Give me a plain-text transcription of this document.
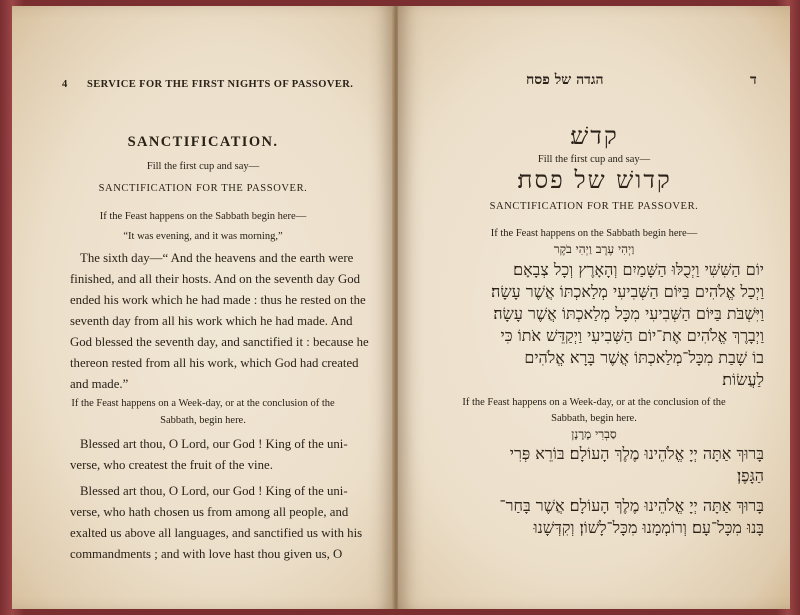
4 SERVICE FOR THE FIRST NIGHTS OF PASSOVER.
SANCTIFICATION.
Fill the first cup and say—
SANCTIFICATION FOR THE PASSOVER.
If the Feast happens on the Sabbath begin here—
“It was evening, and it was morning,”
The sixth day—“ And the heavens and the earth were
finished, and all their hosts. And on the seventh day God
ended his work which he had made : thus he rested on the
seventh day from all his work which he had made. And
God blessed the seventh day, and sanctified it : because he
thereon rested from all his work, which God had created
and made.”
If the Feast happens on a Week-day, or at the conclusion of the
Sabbath, begin here.
Blessed art thou, O Lord, our God ! King of the uni-
verse, who createst the fruit of the vine.
Blessed art thou, O Lord, our God ! King of the uni-
verse, who hath chosen us from among all people, and
exalted us above all languages, and sanctified us with his
commandments ; and with love hast thou given us, O
הגדה של פסח	ד
קדשׁ׃
Fill the first cup and say—
קדושׁ של פסח׃
SANCTIFICATION FOR THE PASSOVER.
If the Feast happens on the Sabbath begin here—
וַיְהִי עֶרֶב וַיְהִי בֹקֶר
יוֹם הַשִּׁשִּׁי וַיְכֻלּוּ הַשָּׁמַיִם וְהָאָרֶץ וְכָל צְבָאָם׃
וַיְכַל אֱלֹהִים בַּיּוֹם הַשְּׁבִיעִי מְלַאכְתּוֹ אֲשֶׁר עָשָׂה׃
וַיִּשְׁבֹּת בַּיּוֹם הַשְּׁבִיעִי מִכָּל מְלַאכְתּוֹ אֲשֶׁר עָשָׂה׃
וַיְבָרֶךְ אֱלֹהִים אֶת־יוֹם הַשְּׁבִיעִי וַיְקַדֵּשׁ אֹתוֹ כִּי
בוֹ שָׁבַת מִכָּל־מְלַאכְתּוֹ אֲשֶׁר בָּרָא אֱלֹהִים
לַעֲשׂוֹת׃
If the Feast happens on a Week-day, or at the conclusion of the
Sabbath, begin here.
סַבְרִי מָרָנָן
בָּרוּךְ אַתָּה יְיָ אֱלֹהֵינוּ מֶלֶךְ הָעוֹלָם׃ בּוֹרֵא פְּרִי
הַגָּפֶן׃
בָּרוּךְ אַתָּה יְיָ אֱלֹהֵינוּ מֶלֶךְ הָעוֹלָם׃ אֲשֶׁר בָּחַר־
בָּנוּ מִכָּל־עָם׃ וְרוֹמְמָנוּ מִכָּל־לָשׁוֹן׃ וְקִדְּשָׁנוּ
